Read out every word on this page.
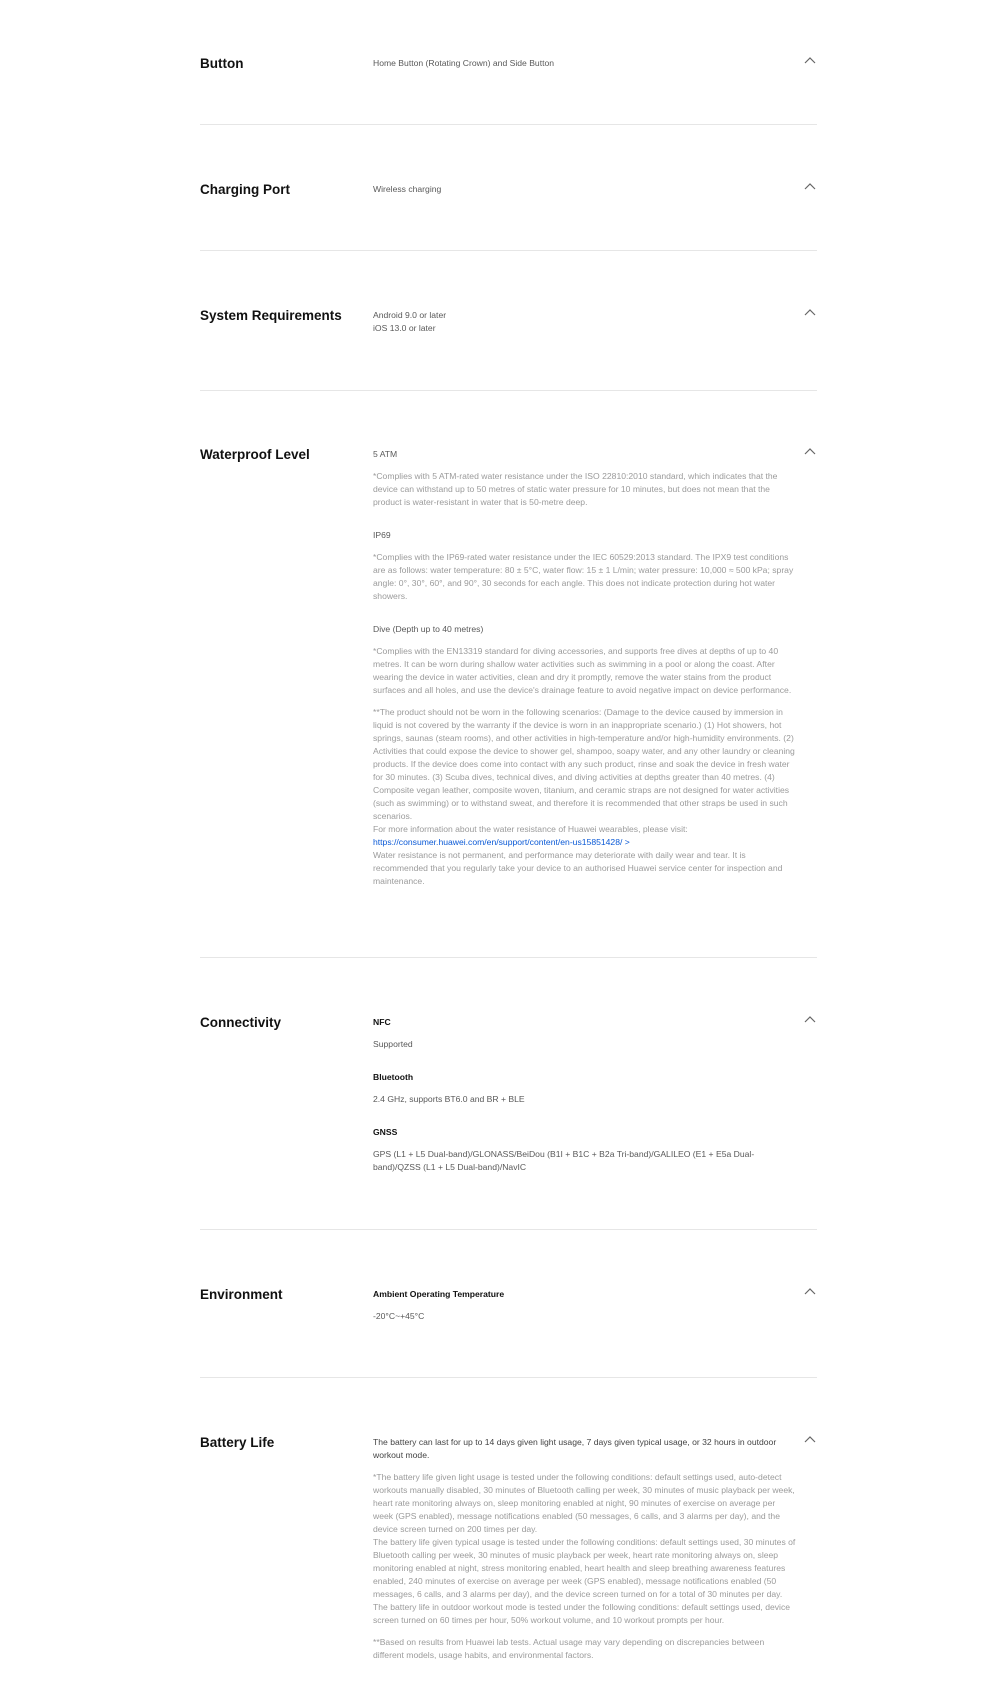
Button	Home Button (Rotating Crown) and Side Button
Charging Port	Wireless charging
System Requirements	Android 9.0 or later
iOS 13.0 or later
Waterproof Level	5 ATM
*Complies with 5 ATM-rated water resistance under the ISO 22810:2010 standard, which indicates that the device can withstand up to 50 metres of static water pressure for 10 minutes, but does not mean that the product is water-resistant in water that is 50-metre deep.
IP69
*Complies with the IP69-rated water resistance under the IEC 60529:2013 standard. The IPX9 test conditions are as follows: water temperature: 80 ± 5°C, water flow: 15 ± 1 L/min; water pressure: 10,000 ≈ 500 kPa; spray angle: 0°, 30°, 60°, and 90°, 30 seconds for each angle. This does not indicate protection during hot water showers.
Dive (Depth up to 40 metres)
*Complies with the EN13319 standard for diving accessories, and supports free dives at depths of up to 40 metres. It can be worn during shallow water activities such as swimming in a pool or along the coast. After wearing the device in water activities, clean and dry it promptly, remove the water stains from the product surfaces and all holes, and use the device's drainage feature to avoid negative impact on device performance.
**The product should not be worn in the following scenarios: (Damage to the device caused by immersion in liquid is not covered by the warranty if the device is worn in an inappropriate scenario.) (1) Hot showers, hot springs, saunas (steam rooms), and other activities in high-temperature and/or high-humidity environments. (2) Activities that could expose the device to shower gel, shampoo, soapy water, and any other laundry or cleaning products. If the device does come into contact with any such product, rinse and soak the device in fresh water for 30 minutes. (3) Scuba dives, technical dives, and diving activities at depths greater than 40 metres. (4) Composite vegan leather, composite woven, titanium, and ceramic straps are not designed for water activities (such as swimming) or to withstand sweat, and therefore it is recommended that other straps be used in such scenarios.
For more information about the water resistance of Huawei wearables, please visit:
https://consumer.huawei.com/en/support/content/en-us15851428/ >
Water resistance is not permanent, and performance may deteriorate with daily wear and tear. It is recommended that you regularly take your device to an authorised Huawei service center for inspection and maintenance.
Connectivity	NFC
Supported
Bluetooth
2.4 GHz, supports BT6.0 and BR + BLE
GNSS
GPS (L1 + L5 Dual-band)/GLONASS/BeiDou (B1I + B1C + B2a Tri-band)/GALILEO (E1 + E5a Dual-band)/QZSS (L1 + L5 Dual-band)/NavIC
Environment	Ambient Operating Temperature
-20°C~+45°C
Battery Life	The battery can last for up to 14 days given light usage, 7 days given typical usage, or 32 hours in outdoor workout mode.
*The battery life given light usage is tested under the following conditions: default settings used, auto-detect workouts manually disabled, 30 minutes of Bluetooth calling per week, 30 minutes of music playback per week, heart rate monitoring always on, sleep monitoring enabled at night, 90 minutes of exercise on average per week (GPS enabled), message notifications enabled (50 messages, 6 calls, and 3 alarms per day), and the device screen turned on 200 times per day.
The battery life given typical usage is tested under the following conditions: default settings used, 30 minutes of Bluetooth calling per week, 30 minutes of music playback per week, heart rate monitoring always on, sleep monitoring enabled at night, stress monitoring enabled, heart health and sleep breathing awareness features enabled, 240 minutes of exercise on average per week (GPS enabled), message notifications enabled (50 messages, 6 calls, and 3 alarms per day), and the device screen turned on for a total of 30 minutes per day.
The battery life in outdoor workout mode is tested under the following conditions: default settings used, device screen turned on 60 times per hour, 50% workout volume, and 10 workout prompts per hour.
**Based on results from Huawei lab tests. Actual usage may vary depending on discrepancies between different models, usage habits, and environmental factors.
